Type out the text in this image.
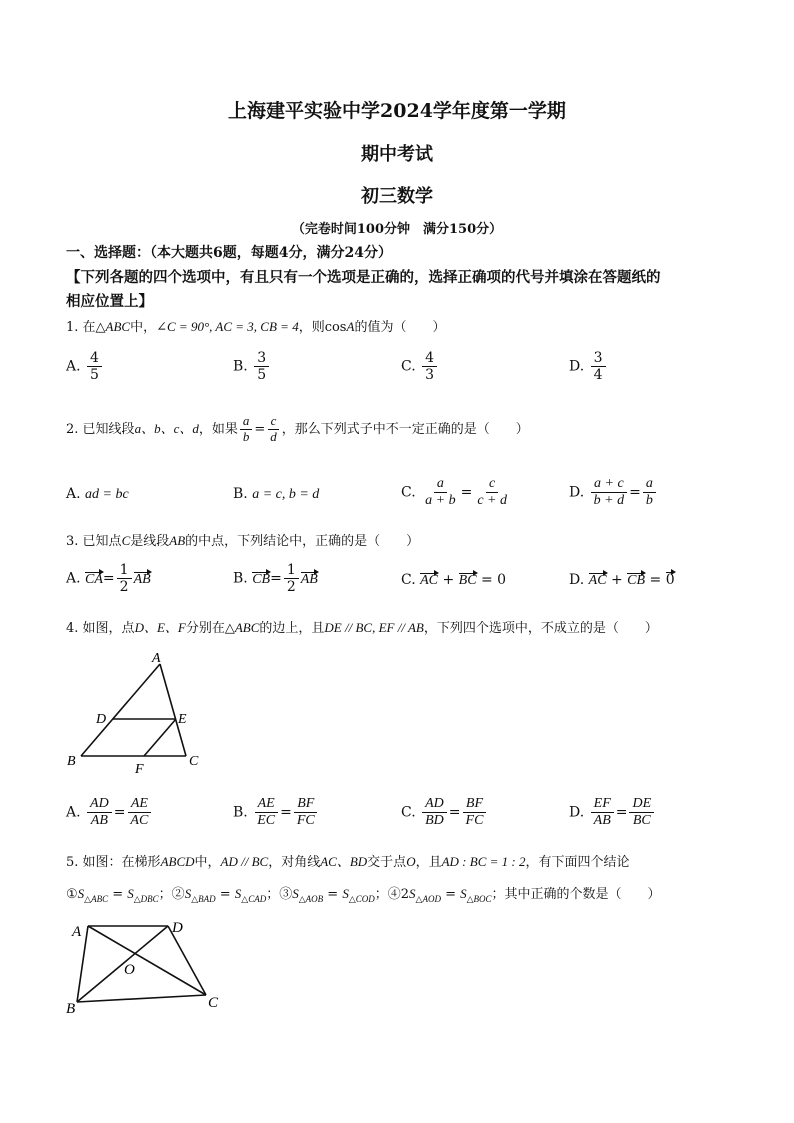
上海建平实验中学2024学年度第一学期
期中考试
初三数学
（完卷时间100分钟　满分150分）
一、选择题：（本大题共6题，每题4分，满分24分）
【下列各题的四个选项中，有且只有一个选项是正确的，选择正确项的代号并填涂在答题纸的
相应位置上】
1. 在△ABC中，∠C = 90°, AC = 3, CB = 4，则cosA的值为（　　）
A. $\frac{4}{5}$	B. $\frac{3}{5}$	C. $\frac{4}{3}$	D. $\frac{3}{4}$
2. 已知线段a、b、c、d，如果 $\frac{a}{b} = \frac{c}{d}$ ，那么下列式子中不一定正确的是（　　）
A. ad = bc	B. a = c, b = d	C. $\frac{a}{a + b} = \frac{c}{c + d}$	D. $\frac{a + c}{b + d} = \frac{a}{b}$
3. 已知点C是线段AB的中点，下列结论中，正确的是（　　）
A. $CA= \frac{1}{2}$ AB	B. $CB= \frac{1}{2}$ AB	C. AC + BC = 0	D. AC + CB = 0
4. 如图，点D、E、F分别在△ABC的边上，且DE // BC, EF // AB，下列四个选项中，不成立的是（　　）
A
B	C
D	E
F
A. $\frac{AD}{AB} = \frac{AE}{AC}$	B. $\frac{AE}{EC} = \frac{BF}{FC}$	C. $\frac{AD}{BD} = \frac{BF}{FC}$	D. $\frac{EF}{AB} = \frac{DE}{BC}$
5. 如图：在梯形ABCD中，AD // BC，对角线AC、BD交于点O，且AD : BC = 1 : 2，有下面四个结论
$①S_{\triangle ABC} = S_{\triangle DBC}$；$②S_{\triangle BAD} = S_{\triangle CAD}$；$③S_{\triangle AOB} = S_{\triangle COD}$；$④2S_{\triangle AOD} = S_{\triangle BOC}$；其中正确的个数是（　　）
A	D
O
B	C
